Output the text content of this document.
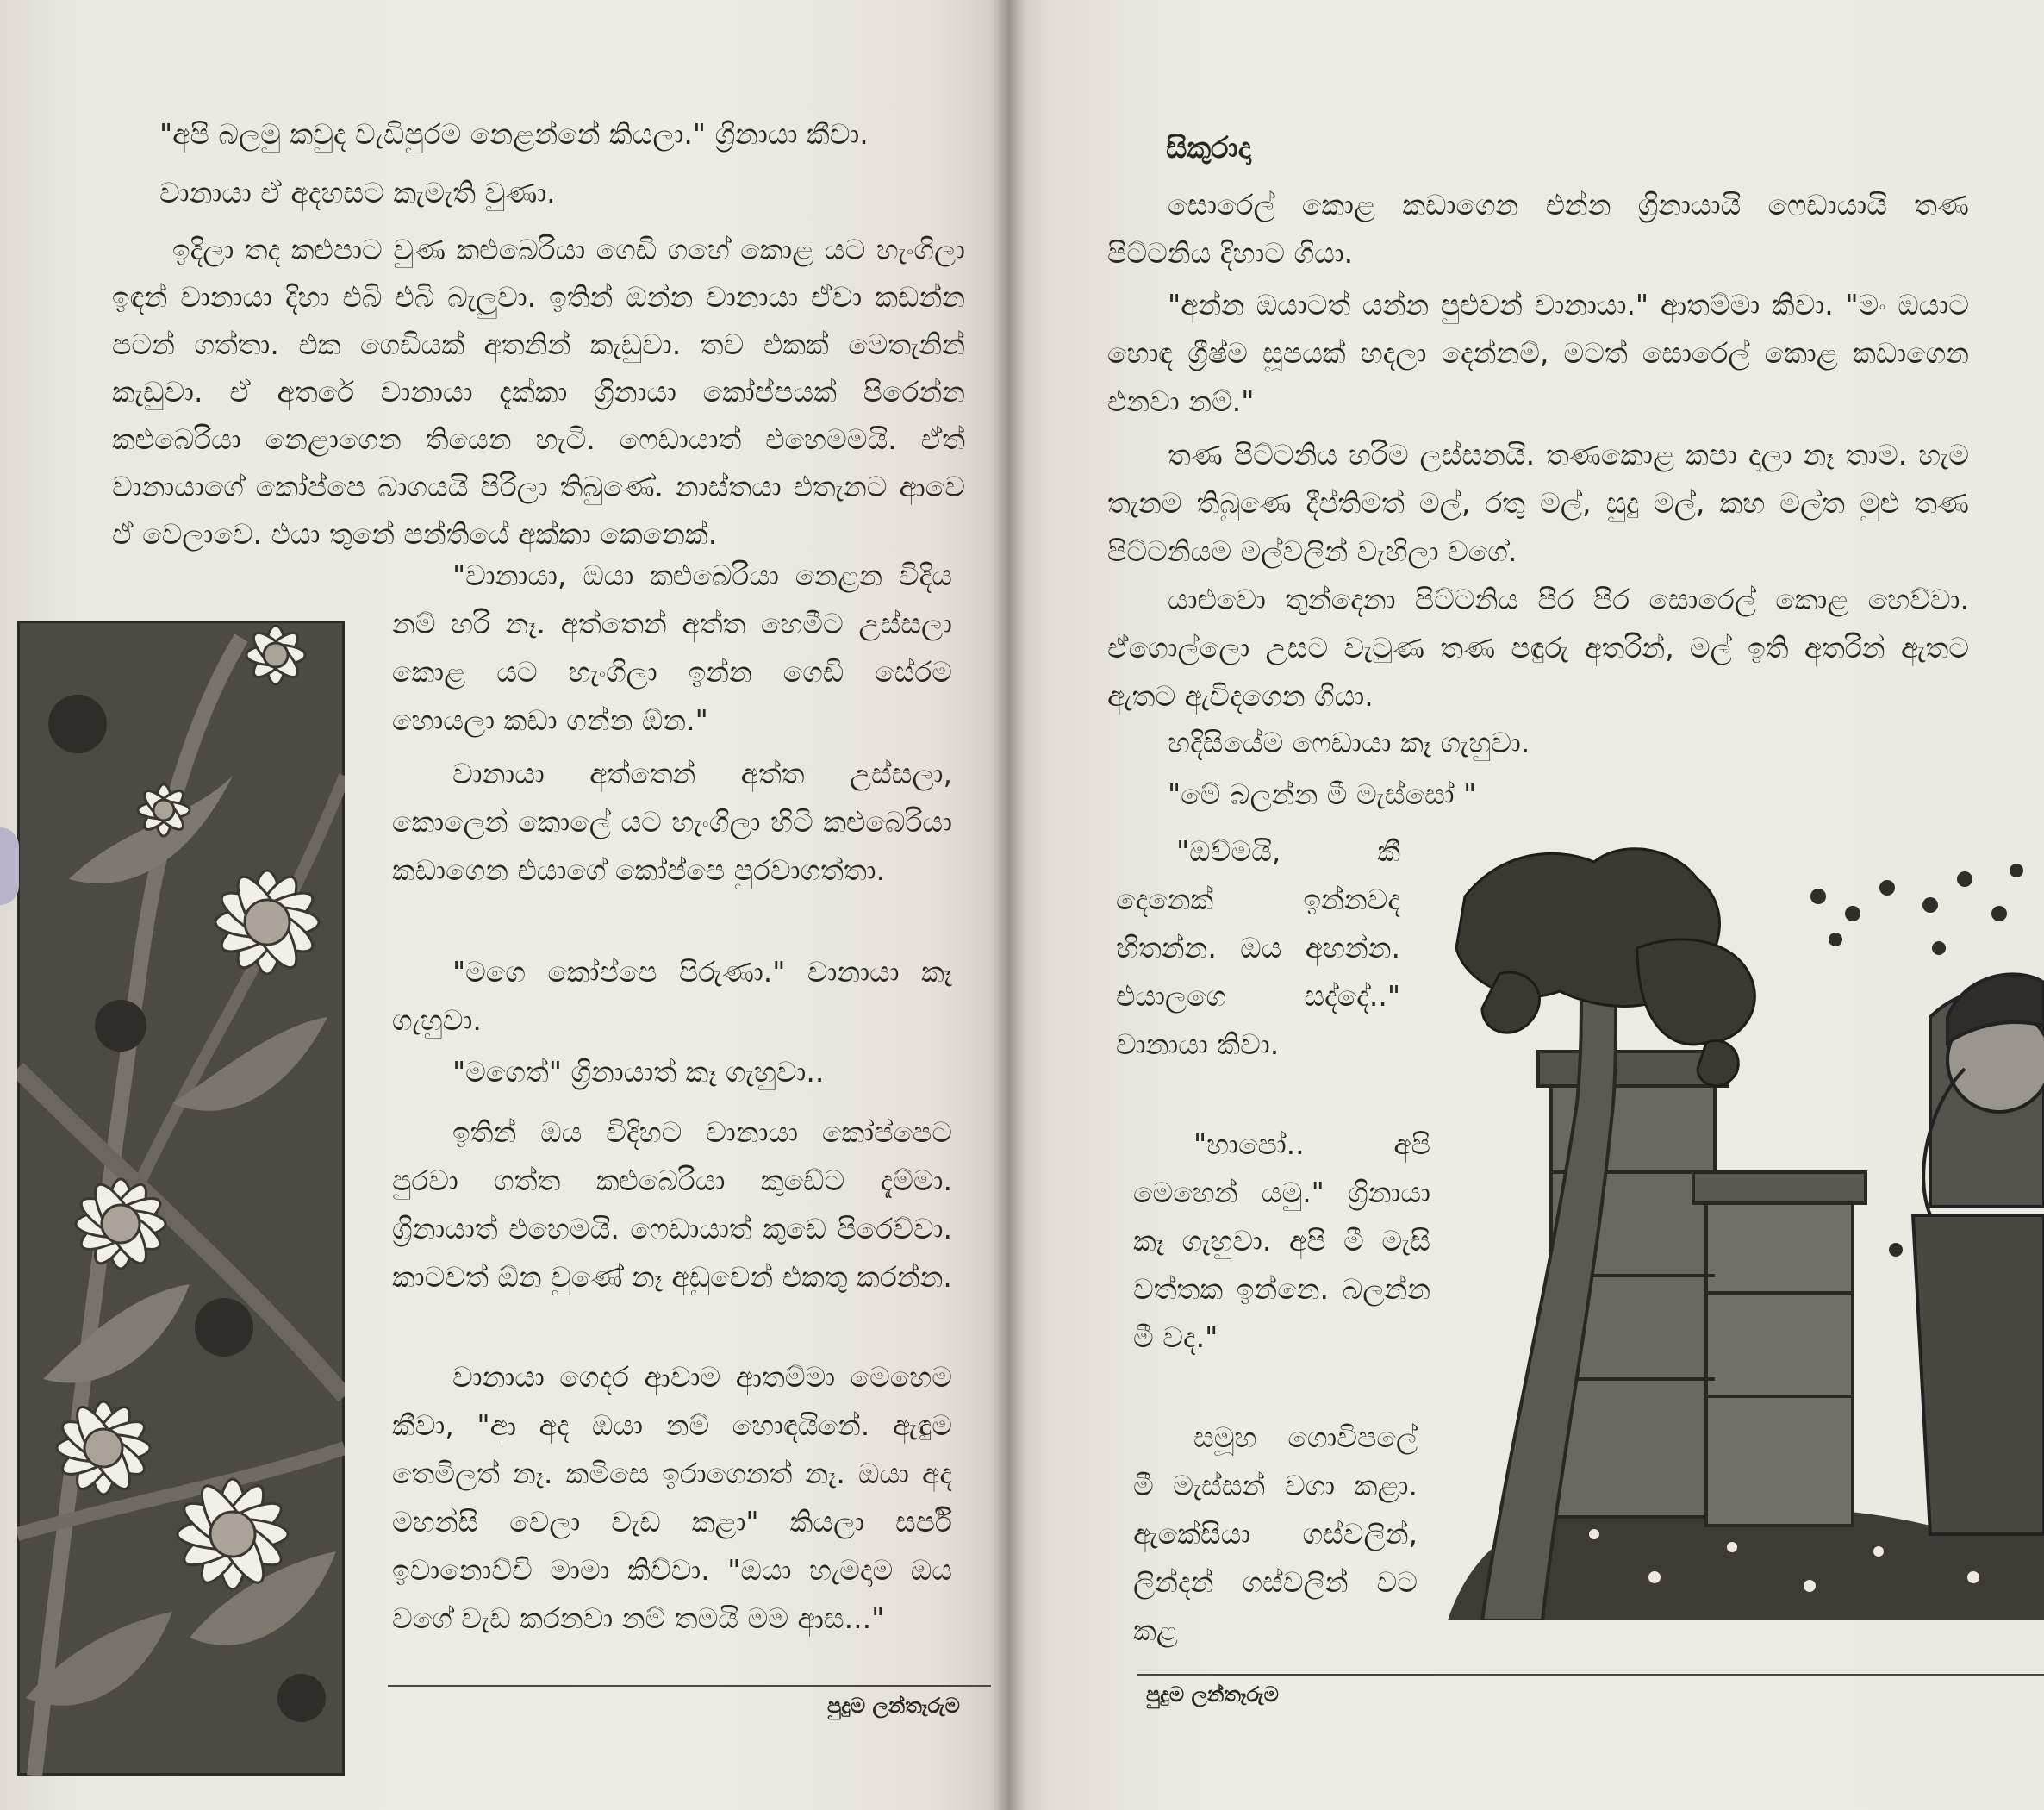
"අපි බලමු කවුද වැඩිපුරම නෙළන්නේ කියලා." ග්‍රිනායා කීවා.

වානායා ඒ අදහසට කැමැති වුණා.

ඉදිලා තද කළුපාට වුණ කළුබෙරියා ගෙඩි ගහේ කොළ යට හැංගිලා ඉඳන් වානායා දිහා එබි එබි බැලුවා. ඉතින් ඔන්න වානායා ඒවා කඩන්න පටන් ගත්තා. එක ගෙඩියක් අතනින් කැඩුවා. තව එකක් මෙතැනින් කැඩුවා. ඒ අතරේ වානායා දැක්කා ග්‍රිනායා කෝප්පයක් පිරෙන්න කළුබෙරියා නෙළාගෙන තියෙන හැටි. ෆෙඩායාත් එහෙමමයි. ඒත් වානායාගේ කෝප්පෙ බාගයයි පිරිලා තිබුණේ. නාස්තයා එතැනට ආවෙ ඒ වෙලාවෙ. එයා තුනේ පන්තියේ අක්කා කෙනෙක්.

"වානායා, ඔයා කළුබෙරියා නෙළන විදිය නම් හරි නෑ. අත්තෙන් අත්ත හෙමීට උස්සලා කොළ යට හැංගිලා ඉන්න ගෙඩි සේරම හොයලා කඩා ගන්න ඕන."

වානායා අත්තෙන් අත්ත උස්සලා, කොලෙන් කොලේ යට හැංගිලා හිටි කළුබෙරියා කඩාගෙන එයාගේ කෝප්පෙ පුරවාගත්තා.

"මගෙ කෝප්පෙ පිරුණා." වානායා කෑ ගැහුවා.

"මගෙත්" ග්‍රිනායාත් කෑ ගැහුවා..

ඉතින් ඔය විදිහට වානායා කෝප්පෙට පුරවා ගත්ත කළුබෙරියා කුඩේට දැම්මා. ග්‍රිනායාත් එහෙමයි. ෆෙඩායාත් කුඩෙ පිරෙව්වා. කාටවත් ඕන වුණේ නෑ අඩුවෙන් එකතු කරන්න.

වානායා ගෙදර ආවාම ආතම්මා මෙහෙම කීවා, "ආ අද ඔයා නම් හොඳයිනේ. ඇඳුම තෙමිලත් නෑ. කමිසෙ ඉරාගෙනත් නෑ. ඔයා අද මහන්සි වෙලා වැඩ කළා" කියලා සර්පි ඉවානොව්චි මාමා කිව්වා. "ඔයා හැමදාම ඔය වගේ වැඩ කරනවා නම් තමයි මම ආස..."

පුදුම ලන්තෑරුම

සිකුරාදා

සොරෙල් කොළ කඩාගෙන එන්න ග්‍රිනායායි ෆෙඩායායි තණ පිට්ටනිය දිහාට ගියා.

"අන්න ඔයාටත් යන්න පුළුවන් වානායා." ආතම්මා කිවා. "මං ඔයාට හොඳ ග්‍රීෂ්ම සූපයක් හදලා දෙන්නම්, මටත් සොරෙල් කොළ කඩාගෙන එනවා නම්."

තණ පිට්ටනිය හරිම ලස්සනයි. තණකොළ කපා දාලා නෑ තාම. හැම තැනම තිබුණෙ දීප්තිමත් මල්, රතු මල්, සුදු මල්, කහ මල්ත මුළු තණ පිට්ටනියම මල්වලින් වැහිලා වගේ.

යාළුවො තුන්දෙනා පිට්ටනිය පීර පීර සොරෙල් කොළ හෙව්වා. ඒගොල්ලො උසට වැටුණ තණ පඳුරු අතරින්, මල් ඉති අතරින් ඇතට ඇතට ඇවිදගෙන ගියා.

හදිසියේම ෆෙඩායා කෑ ගැහුවා.

"මේ බලන්න මී මැස්සෝ "

"ඔව්මයි, කී දෙනෙක් ඉන්නවද හිතන්න. ඔය අහන්න. එයාලගෙ සද්දේ.." වානායා කිවා.

"හාපෝ.. අපි මෙහෙන් යමු." ග්‍රිනායා කෑ ගැහුවා. අපි මී මැසි වත්තක ඉන්නෙ. බලන්න මී වද."

සමූහ ගොවිපලේ මී මැස්සන් වගා කළා. ඇකේසියා ගස්වලින්, ලින්දන් ගස්වලින් වට කළ

පුදුම ලන්තෑරුම
